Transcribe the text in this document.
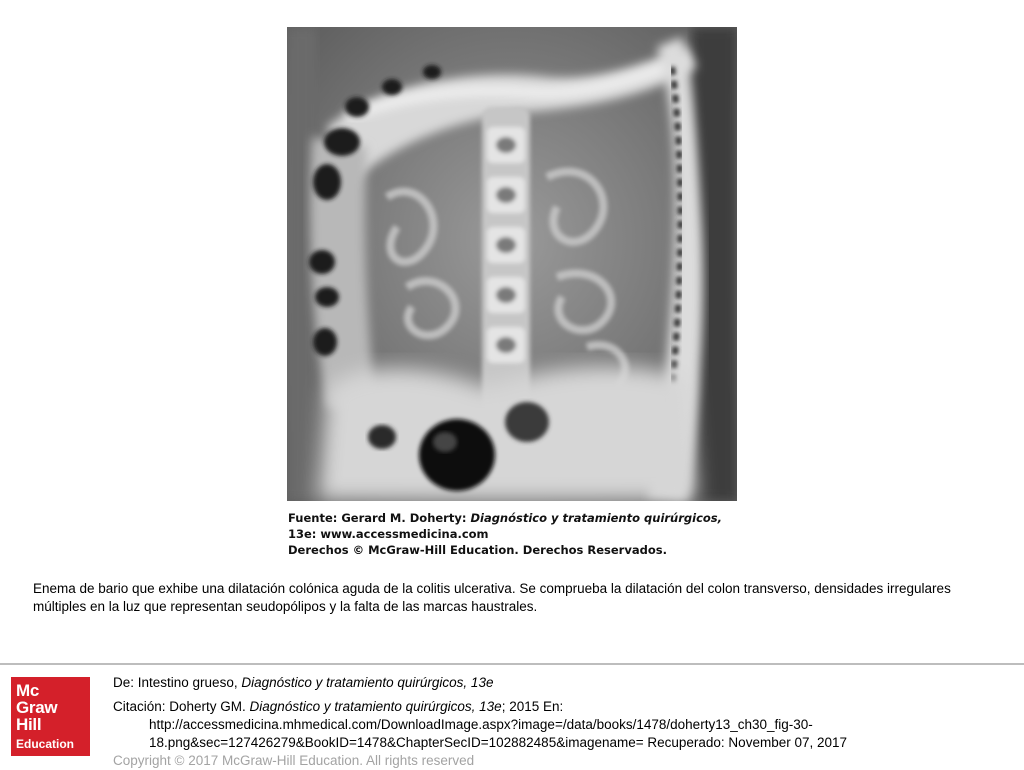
Fuente: Gerard M. Doherty: Diagnóstico y tratamiento quirúrgicos,
13e: www.accessmedicina.com
Derechos © McGraw-Hill Education. Derechos Reservados.
Enema de bario que exhibe una dilatación colónica aguda de la colitis ulcerativa. Se comprueba la dilatación del colon transverso, densidades irregulares
múltiples en la luz que representan seudopólipos y la falta de las marcas haustrales.
Mc
Graw
Hill
Education
De: Intestino grueso, Diagnóstico y tratamiento quirúrgicos, 13e
Citación: Doherty GM. Diagnóstico y tratamiento quirúrgicos, 13e; 2015 En:
http://accessmedicina.mhmedical.com/DownloadImage.aspx?image=/data/books/1478/doherty13_ch30_fig-30-
18.png&sec=127426279&BookID=1478&ChapterSecID=102882485&imagename= Recuperado: November 07, 2017
Copyright © 2017 McGraw-Hill Education. All rights reserved
